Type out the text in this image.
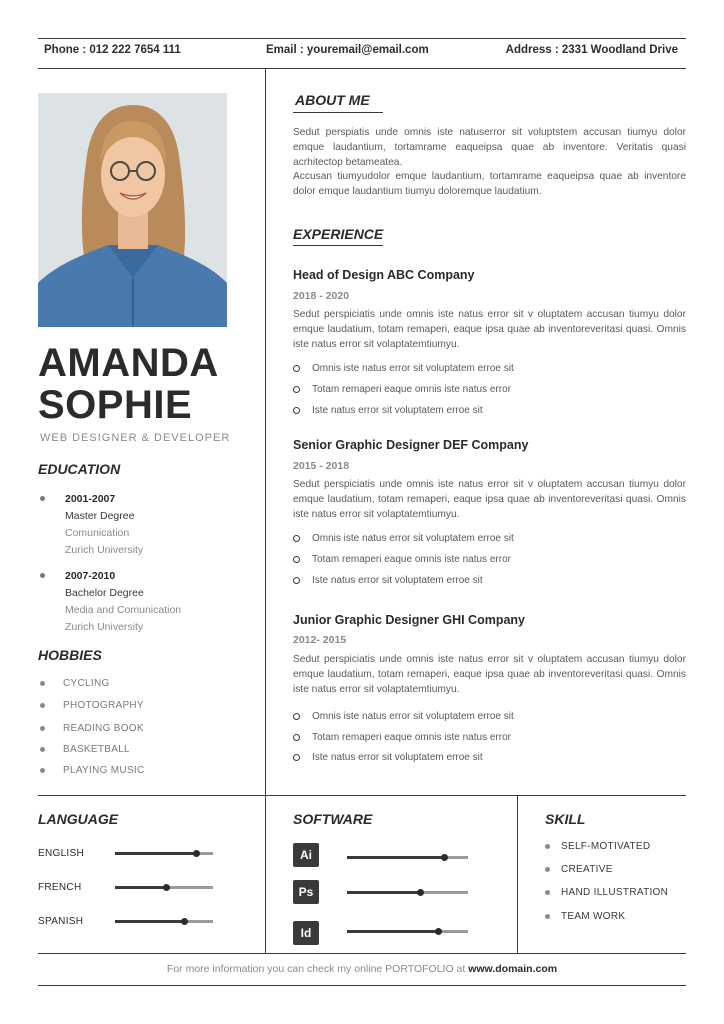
Phone : 012 222 7654 111	Email : youremail@email.com	Address : 2331 Woodland Drive
AMANDA
SOPHIE
WEB DESIGNER & DEVELOPER
EDUCATION
2001-2007
Master Degree
Comunication
Zurich University
2007-2010
Bachelor Degree
Media and Comunication
Zurich University
HOBBIES
CYCLING
PHOTOGRAPHY
READING BOOK
BASKETBALL
PLAYING MUSIC
ABOUT ME
Sedut perspiatis unde omnis iste natuserror sit voluptstem accusan tiumyu dolor emque laudantium, tortamrame eaqueipsa quae ab inventore. Veritatis quasi acrhitectop betameatea.
Accusan tiumyudolor emque laudantium, tortamrame eaqueipsa quae ab inventore dolor emque laudantium tiumyu doloremque laudatium.
EXPERIENCE
Head of Design ABC Company
2018 - 2020
Sedut perspiciatis unde omnis iste natus error sit v oluptatem accusan tiumyu dolor emque laudatium, totam remaperi, eaque ipsa quae ab inventoreveritasi quasi. Omnis iste natus error sit volaptatemtiumyu.
Omnis iste natus error sit voluptatem erroe sit
Totam remaperi eaque omnis iste natus error
Iste natus error sit voluptatem erroe sit
Senior Graphic Designer DEF Company
2015 - 2018
Sedut perspiciatis unde omnis iste natus error sit v oluptatem accusan tiumyu dolor emque laudatium, totam remaperi, eaque ipsa quae ab inventoreveritasi quasi. Omnis iste natus error sit volaptatemtiumyu.
Omnis iste natus error sit voluptatem erroe sit
Totam remaperi eaque omnis iste natus error
Iste natus error sit voluptatem erroe sit
Junior Graphic Designer GHI Company
2012- 2015
Sedut perspiciatis unde omnis iste natus error sit v oluptatem accusan tiumyu dolor emque laudatium, totam remaperi, eaque ipsa quae ab inventoreveritasi quasi. Omnis iste natus error sit volaptatemtiumyu.
Omnis iste natus error sit voluptatem erroe sit
Totam remaperi eaque omnis iste natus error
Iste natus error sit voluptatem erroe sit
LANGUAGE
ENGLISH
FRENCH
SPANISH
SOFTWARE
Ai
Ps
Id
SKILL
SELF-MOTIVATED
CREATIVE
HAND ILLUSTRATION
TEAM WORK
For more information you can check my online PORTOFOLIO at www.domain.com
